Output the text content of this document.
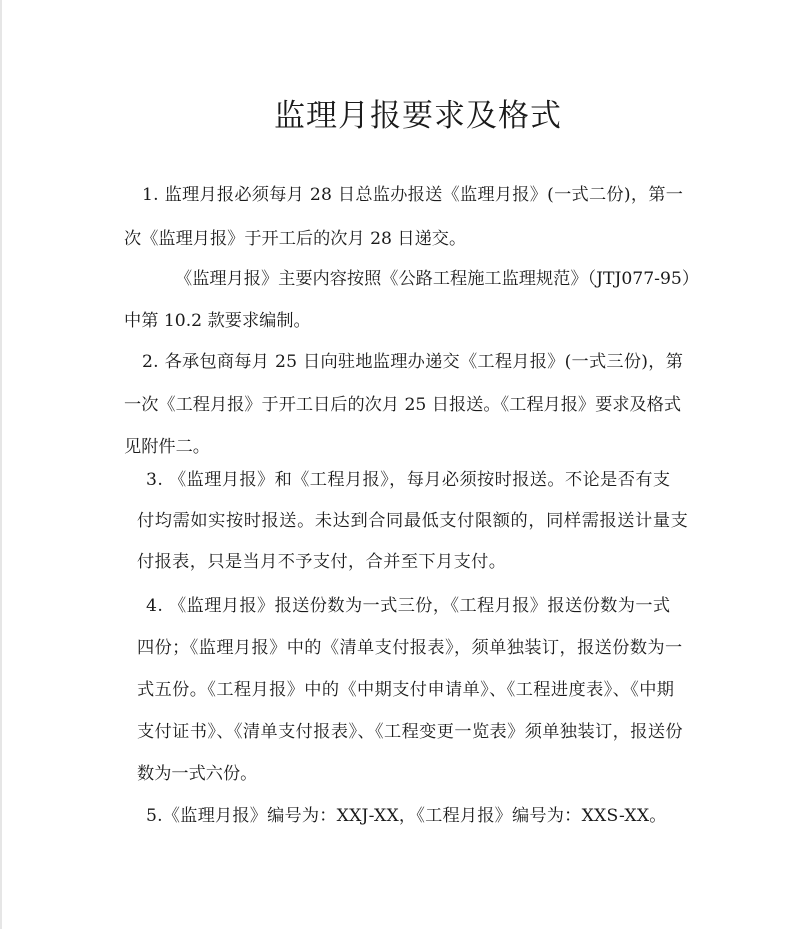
监理月报要求及格式
1. 监理月报必须每月 28 日总监办报送《监理月报》(一式二份)，第一
次《监理月报》于开工后的次月 28 日递交。
《监理月报》主要内容按照《公路工程施工监理规范》（JTJ077-95）
中第 10.2 款要求编制。
2. 各承包商每月 25 日向驻地监理办递交《工程月报》(一式三份)，第
一次《工程月报》于开工日后的次月 25 日报送。《工程月报》要求及格式
见附件二。
3. 《监理月报》和《工程月报》，每月必须按时报送。不论是否有支
付均需如实按时报送。未达到合同最低支付限额的，同样需报送计量支
付报表，只是当月不予支付，合并至下月支付。
4. 《监理月报》报送份数为一式三份，《工程月报》报送份数为一式
四份；《监理月报》中的《清单支付报表》，须单独装订，报送份数为一
式五份。《工程月报》中的《中期支付申请单》、《工程进度表》、《中期
支付证书》、《清单支付报表》、《工程变更一览表》须单独装订，报送份
数为一式六份。
5.《监理月报》编号为：XXJ-XX，《工程月报》编号为：XXS-XX。
